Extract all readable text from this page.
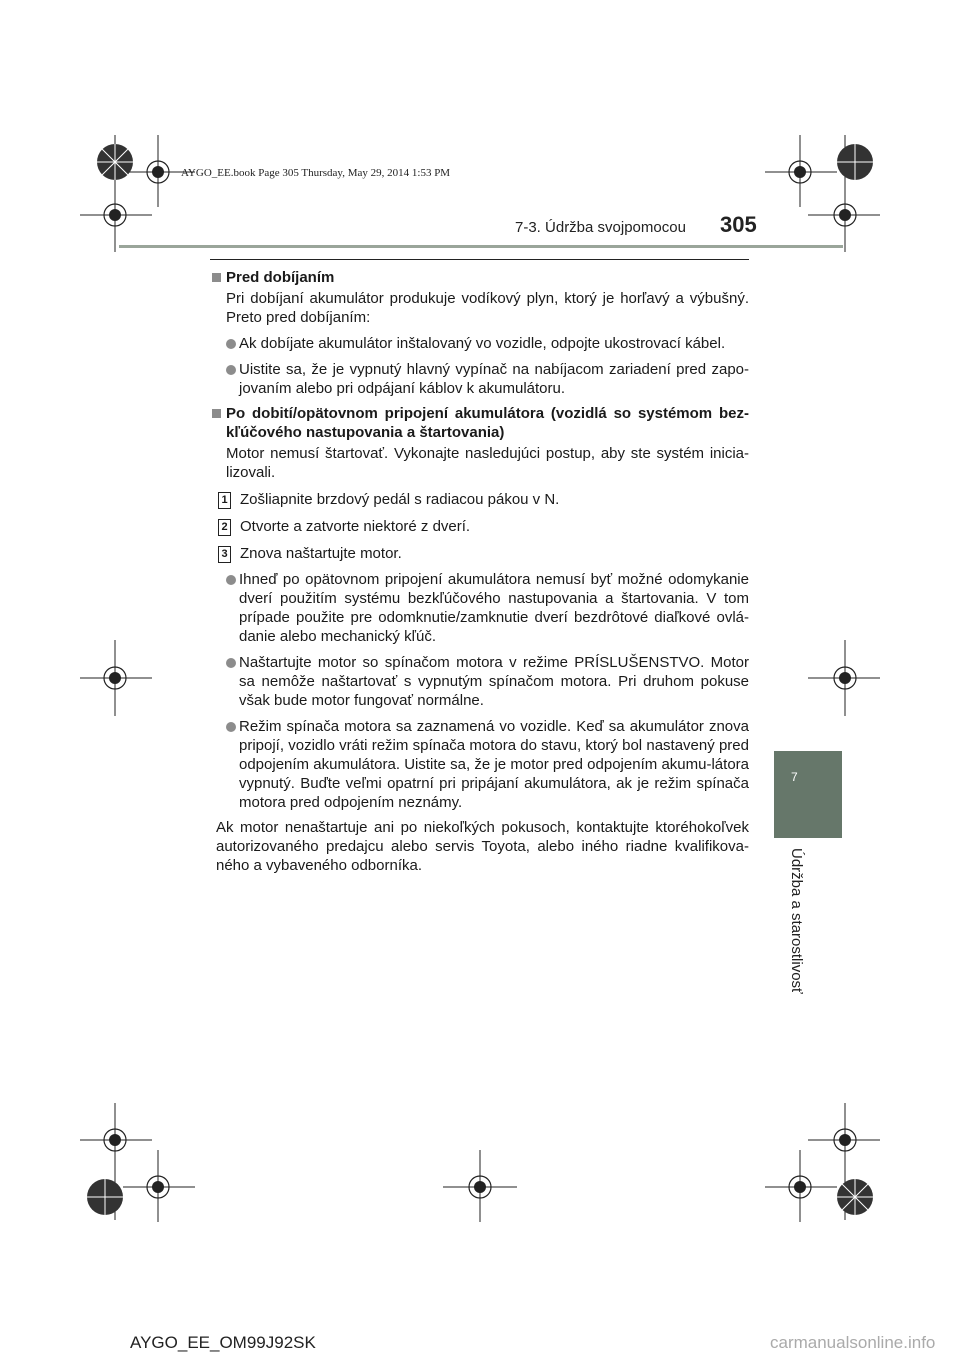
AYGO_EE.book Page 305 Thursday, May 29, 2014 1:53 PM
7-3. Údržba svojpomocou 305
Pred dobíjaním
Pri dobíjaní akumulátor produkuje vodíkový plyn, ktorý je horľavý a výbušný. Preto pred dobíjaním:
Ak dobíjate akumulátor inštalovaný vo vozidle, odpojte ukostrovací kábel.
Uistite sa, že je vypnutý hlavný vypínač na nabíjacom zariadení pred zapo-jovaním alebo pri odpájaní káblov k akumulátoru.
Po dobití/opätovnom pripojení akumulátora (vozidlá so systémom bez-kľúčového nastupovania a štartovania)
Motor nemusí štartovať. Vykonajte nasledujúci postup, aby ste systém inicia-lizovali.
1 Zošliapnite brzdový pedál s radiacou pákou v N.
2 Otvorte a zatvorte niektoré z dverí.
3 Znova naštartujte motor.
Ihneď po opätovnom pripojení akumulátora nemusí byť možné odomykanie dverí použitím systému bezkľúčového nastupovania a štartovania. V tom prípade použite pre odomknutie/zamknutie dverí bezdrôtové diaľkové ovlá-danie alebo mechanický kľúč.
Naštartujte motor so spínačom motora v režime PRÍSLUŠENSTVO. Motor sa nemôže naštartovať s vypnutým spínačom motora. Pri druhom pokuse však bude motor fungovať normálne.
Režim spínača motora sa zaznamená vo vozidle. Keď sa akumulátor znova pripojí, vozidlo vráti režim spínača motora do stavu, ktorý bol nastavený pred odpojením akumulátora. Uistite sa, že je motor pred odpojením akumu-látora vypnutý. Buďte veľmi opatrní pri pripájaní akumulátora, ak je režim spínača motora pred odpojením neznámy.
Ak motor nenaštartuje ani po niekoľkých pokusoch, kontaktujte ktoréhokoľvek autorizovaného predajcu alebo servis Toyota, alebo iného riadne kvalifikova-ného a vybaveného odborníka.
7
Údržba a starostlivosť
AYGO_EE_OM99J92SK	carmanualsonline.info
